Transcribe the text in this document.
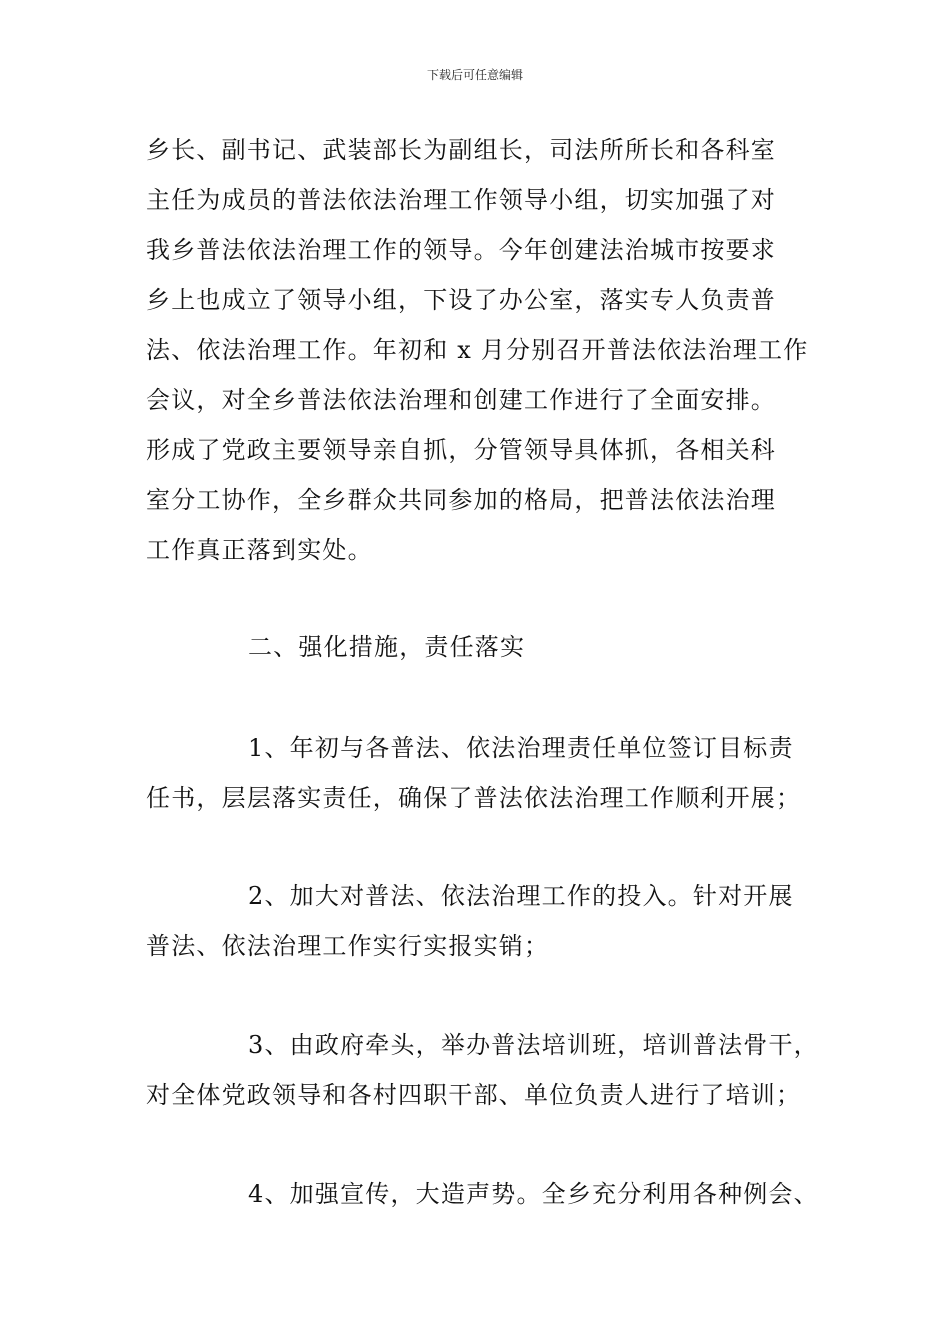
下载后可任意编辑
乡长、副书记、武装部长为副组长，司法所所长和各科室
主任为成员的普法依法治理工作领导小组，切实加强了对
我乡普法依法治理工作的领导。今年创建法治城市按要求
乡上也成立了领导小组，下设了办公室，落实专人负责普
法、依法治理工作。年初和 x 月分别召开普法依法治理工作
会议，对全乡普法依法治理和创建工作进行了全面安排。
形成了党政主要领导亲自抓，分管领导具体抓，各相关科
室分工协作，全乡群众共同参加的格局，把普法依法治理
工作真正落到实处。
二、强化措施，责任落实
1、年初与各普法、依法治理责任单位签订目标责
任书，层层落实责任，确保了普法依法治理工作顺利开展；
2、加大对普法、依法治理工作的投入。针对开展
普法、依法治理工作实行实报实销；
3、由政府牵头，举办普法培训班，培训普法骨干，
对全体党政领导和各村四职干部、单位负责人进行了培训；
4、加强宣传，大造声势。全乡充分利用各种例会、
